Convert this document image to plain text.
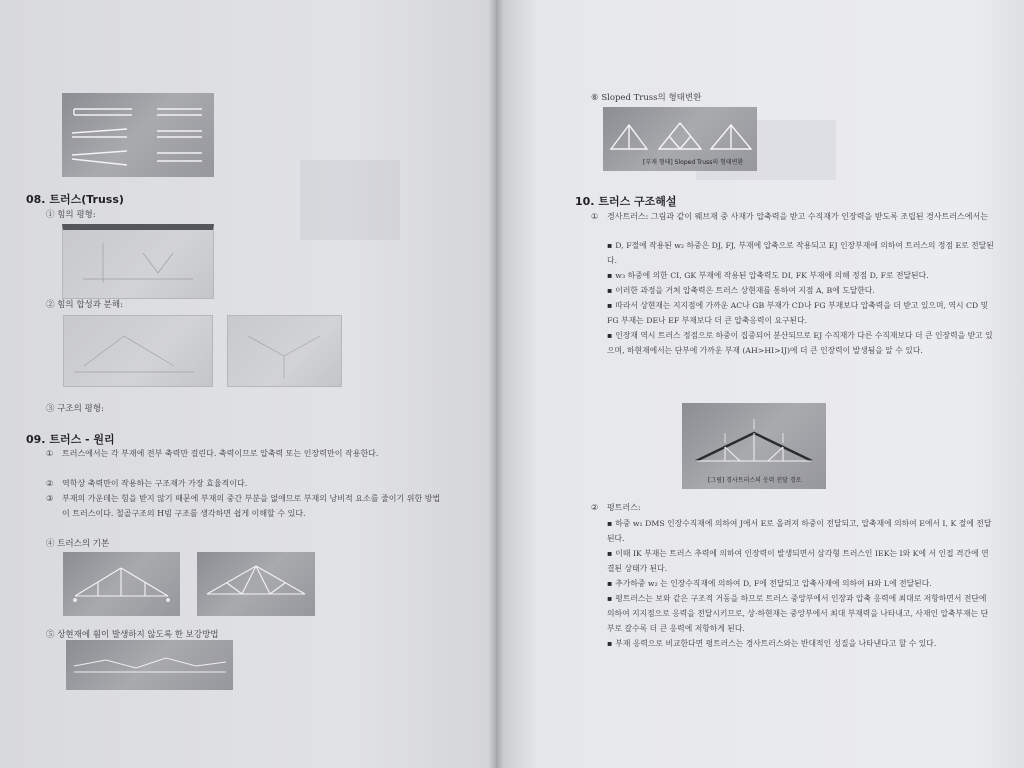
08. 트러스(Truss)
① 힘의 평형:
② 힘의 합성과 분해:
③ 구조의 평형:
09. 트러스 - 원리
①	트러스에서는 각 부재에 전부 축력만 걸린다. 축력이므로 압축력 또는 인장력만이 작용한다.
②	역학상 축력만이 작용하는 구조재가 가장 효율적이다.
③	부재의 가운데는 힘을 받지 않기 때문에 부재의 중간 부분을 없애므로 부재의 낭비적 요소를 줄이기 위한 방법이 트러스이다. 철골구조의 H빔 구조를 생각하면 쉽게 이해할 수 있다.
④ 트러스의 기본
⑤ 상현재에 휨이 발생하지 않도록 한 보강방법
⑥ Sloped Truss의 형태변환
[부재 형태] Sloped Truss의 형태변환
10. 트러스 구조해설
①	경사트러스: 그림과 같이 웨브재 중 사재가 압축력을 받고 수직재가 인장력을 받도록 조립된 경사트러스에서는
▪ D, F절에 작용된 w₂ 하중은 DJ, FJ, 부재에 압축으로 작용되고 EJ 인장부재에 의하여 트러스의 정점 E로 전달된다.
▪ w₃ 하중에 의한 CI, GK 부재에 작용된 압축력도 DI, FK 부재에 의해 정점 D, F로 전달된다.
▪ 이러한 과정을 거쳐 압축력은 트러스 상현재를 통하여 지점 A, B에 도달한다.
▪ 따라서 상현재는 지지점에 가까운 AC나 GB 부재가 CD나 FG 부재보다 압축력을 더 받고 있으며, 역시 CD 및 FG 부재는 DE나 EF 부재보다 더 큰 압축응력이 요구된다.
▪ 인장재 역시 트러스 정점으로 하중이 집중되어 분산되므로 EJ 수직재가 다른 수직재보다 더 큰 인장력을 받고 있으며, 하현재에서는 단부에 가까운 부재 (AH>HI>IJ)에 더 큰 인장력이 발생됨을 알 수 있다.
[그림] 경사트러스의 응력 전달 경로
②	평트러스:
▪ 하중 w₁ DMS 인장수직재에 의하여 J에서 E로 올려져 하중이 전달되고, 압축재에 의하여 E에서 I, K 절에 전달된다.
▪ 이때 IK 부재는 트러스 추력에 의하여 인장력이 발생되면서 삼각형 트러스인 IEK는 I와 K에 서 인접 격간에 연결된 상태가 된다.
▪ 추가하중 w₂ 는 인장수직재에 의하여 D, F에 전달되고 압축사재에 의하여 H와 L에 전달된다.
▪ 평트러스는 보와 같은 구조적 거동을 하므로 트러스 중앙부에서 인장과 압축 응력에 최대로 저항하면서 전단에 의하여 지지점으로 응력을 전달시키므로, 상·하현재는 중앙부에서 최대 부재력을 나타내고, 사재인 압축부재는 단부로 갈수록 더 큰 응력에 저항하게 된다.
▪ 부재 응력으로 비교한다면 평트러스는 경사트러스와는 반대적인 성질을 나타낸다고 할 수 있다.
